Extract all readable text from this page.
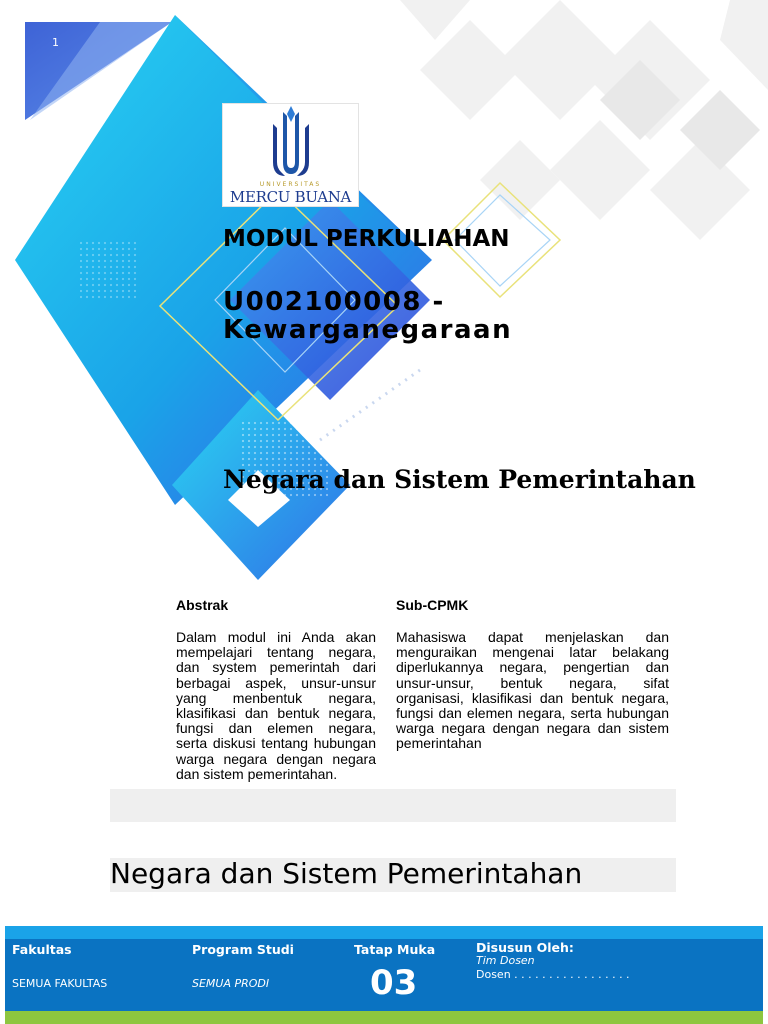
1
UNIVERSITAS
MERCU BUANA
MODUL PERKULIAHAN
U002100008 - Kewarganegaraan
Negara dan Sistem Pemerintahan
Abstrak	Sub-CPMK
Dalam modul ini Anda akan mempelajari tentang negara, dan system pemerintah dari berbagai aspek, unsur-unsur yang menbentuk negara, klasifikasi dan bentuk negara, fungsi dan elemen negara, serta diskusi tentang hubungan warga negara dengan negara dan sistem pemerintahan.
Mahasiswa dapat menjelaskan dan menguraikan mengenai latar belakang diperlukannya negara, pengertian dan unsur-unsur, bentuk negara, sifat organisasi, klasifikasi dan bentuk negara, fungsi dan elemen negara, serta hubungan warga negara dengan negara dan sistem pemerintahan
Negara dan Sistem Pemerintahan
Fakultas
SEMUA FAKULTAS
Program Studi
SEMUA PRODI
Tatap Muka
03
Disusun Oleh:
Tim Dosen
Dosen . . . . . . . . . . . . . . . . .
